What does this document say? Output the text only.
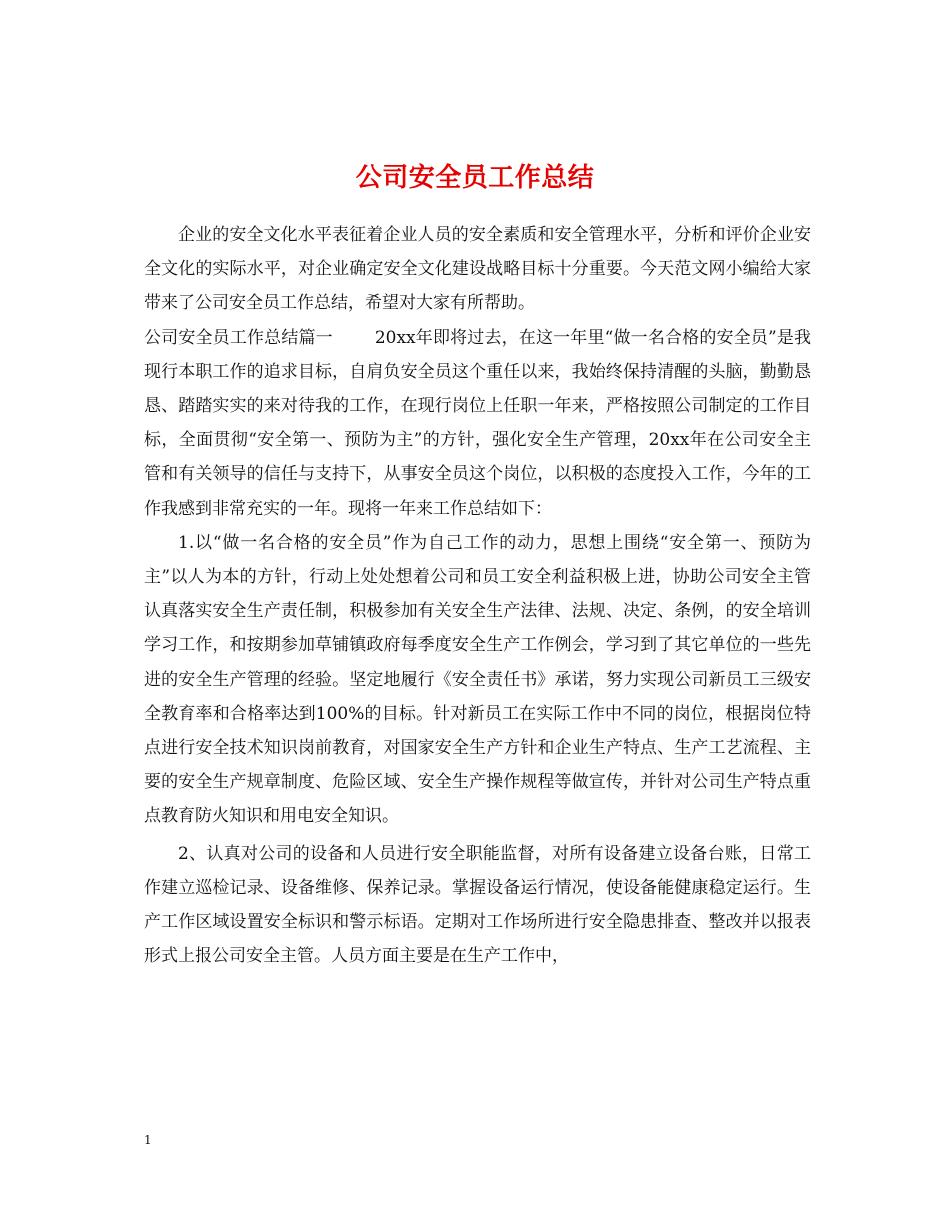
公司安全员工作总结

企业的安全文化水平表征着企业人员的安全素质和安全管理水平，分析和评价企业安全文化的实际水平，对企业确定安全文化建设战略目标十分重要。今天范文网小编给大家带来了公司安全员工作总结，希望对大家有所帮助。

公司安全员工作总结篇一 20xx年即将过去，在这一年里“做一名合格的安全员”是我现行本职工作的追求目标，自肩负安全员这个重任以来，我始终保持清醒的头脑，勤勤恳恳、踏踏实实的来对待我的工作，在现行岗位上任职一年来，严格按照公司制定的工作目标，全面贯彻“安全第一、预防为主”的方针，强化安全生产管理，20xx年在公司安全主管和有关领导的信任与支持下，从事安全员这个岗位，以积极的态度投入工作，今年的工作我感到非常充实的一年。现将一年来工作总结如下：

1.以“做一名合格的安全员”作为自己工作的动力，思想上围绕“安全第一、预防为主”以人为本的方针，行动上处处想着公司和员工安全利益积极上进，协助公司安全主管认真落实安全生产责任制，积极参加有关安全生产法律、法规、决定、条例，的安全培训学习工作，和按期参加草铺镇政府每季度安全生产工作例会，学习到了其它单位的一些先进的安全生产管理的经验。坚定地履行《安全责任书》承诺，努力实现公司新员工三级安全教育率和合格率达到100%的目标。针对新员工在实际工作中不同的岗位，根据岗位特点进行安全技术知识岗前教育，对国家安全生产方针和企业生产特点、生产工艺流程、主要的安全生产规章制度、危险区域、安全生产操作规程等做宣传，并针对公司生产特点重点教育防火知识和用电安全知识。

2、认真对公司的设备和人员进行安全职能监督，对所有设备建立设备台账，日常工作建立巡检记录、设备维修、保养记录。掌握设备运行情况，使设备能健康稳定运行。生产工作区域设置安全标识和警示标语。定期对工作场所进行安全隐患排查、整改并以报表形式上报公司安全主管。人员方面主要是在生产工作中，

1
